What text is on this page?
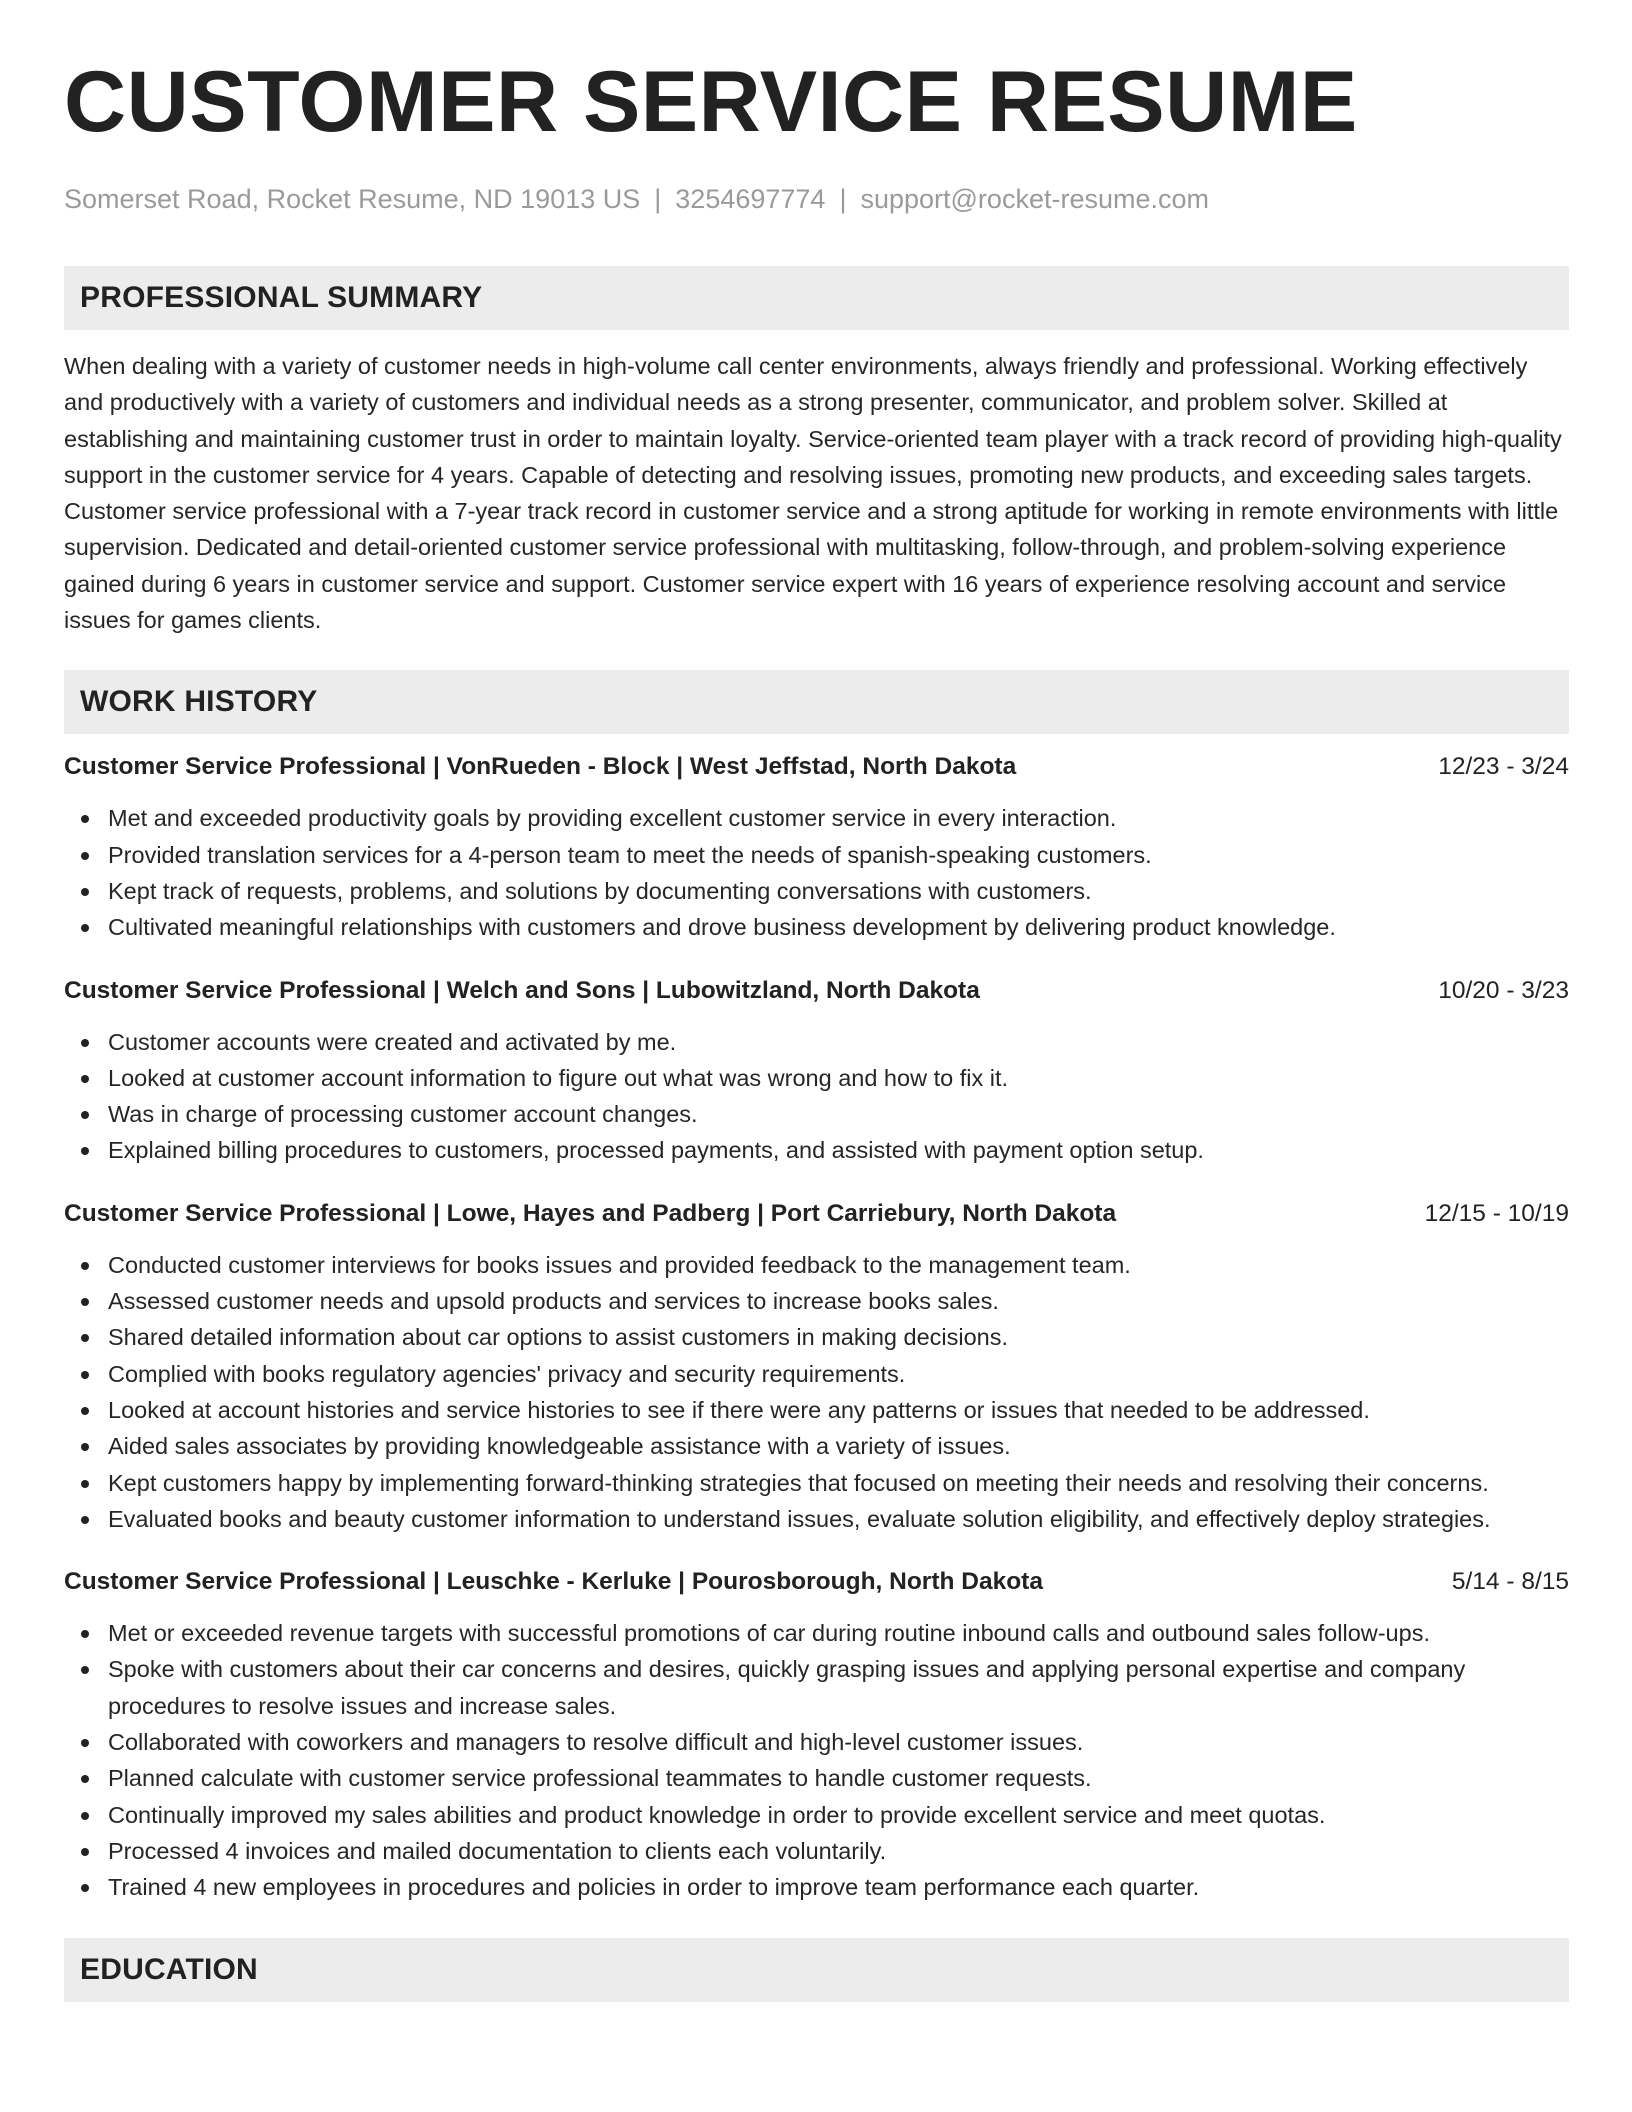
CUSTOMER SERVICE RESUME
Somerset Road, Rocket Resume, ND 19013 US | 3254697774 | support@rocket-resume.com
PROFESSIONAL SUMMARY
When dealing with a variety of customer needs in high-volume call center environments, always friendly and professional. Working effectively and productively with a variety of customers and individual needs as a strong presenter, communicator, and problem solver. Skilled at establishing and maintaining customer trust in order to maintain loyalty. Service-oriented team player with a track record of providing high-quality support in the customer service for 4 years. Capable of detecting and resolving issues, promoting new products, and exceeding sales targets. Customer service professional with a 7-year track record in customer service and a strong aptitude for working in remote environments with little supervision. Dedicated and detail-oriented customer service professional with multitasking, follow-through, and problem-solving experience gained during 6 years in customer service and support. Customer service expert with 16 years of experience resolving account and service issues for games clients.
WORK HISTORY
Customer Service Professional | VonRueden - Block | West Jeffstad, North Dakota	12/23 - 3/24
Met and exceeded productivity goals by providing excellent customer service in every interaction.
Provided translation services for a 4-person team to meet the needs of spanish-speaking customers.
Kept track of requests, problems, and solutions by documenting conversations with customers.
Cultivated meaningful relationships with customers and drove business development by delivering product knowledge.
Customer Service Professional | Welch and Sons | Lubowitzland, North Dakota	10/20 - 3/23
Customer accounts were created and activated by me.
Looked at customer account information to figure out what was wrong and how to fix it.
Was in charge of processing customer account changes.
Explained billing procedures to customers, processed payments, and assisted with payment option setup.
Customer Service Professional | Lowe, Hayes and Padberg | Port Carriebury, North Dakota	12/15 - 10/19
Conducted customer interviews for books issues and provided feedback to the management team.
Assessed customer needs and upsold products and services to increase books sales.
Shared detailed information about car options to assist customers in making decisions.
Complied with books regulatory agencies' privacy and security requirements.
Looked at account histories and service histories to see if there were any patterns or issues that needed to be addressed.
Aided sales associates by providing knowledgeable assistance with a variety of issues.
Kept customers happy by implementing forward-thinking strategies that focused on meeting their needs and resolving their concerns.
Evaluated books and beauty customer information to understand issues, evaluate solution eligibility, and effectively deploy strategies.
Customer Service Professional | Leuschke - Kerluke | Pourosborough, North Dakota	5/14 - 8/15
Met or exceeded revenue targets with successful promotions of car during routine inbound calls and outbound sales follow-ups.
Spoke with customers about their car concerns and desires, quickly grasping issues and applying personal expertise and company procedures to resolve issues and increase sales.
Collaborated with coworkers and managers to resolve difficult and high-level customer issues.
Planned calculate with customer service professional teammates to handle customer requests.
Continually improved my sales abilities and product knowledge in order to provide excellent service and meet quotas.
Processed 4 invoices and mailed documentation to clients each voluntarily.
Trained 4 new employees in procedures and policies in order to improve team performance each quarter.
EDUCATION
